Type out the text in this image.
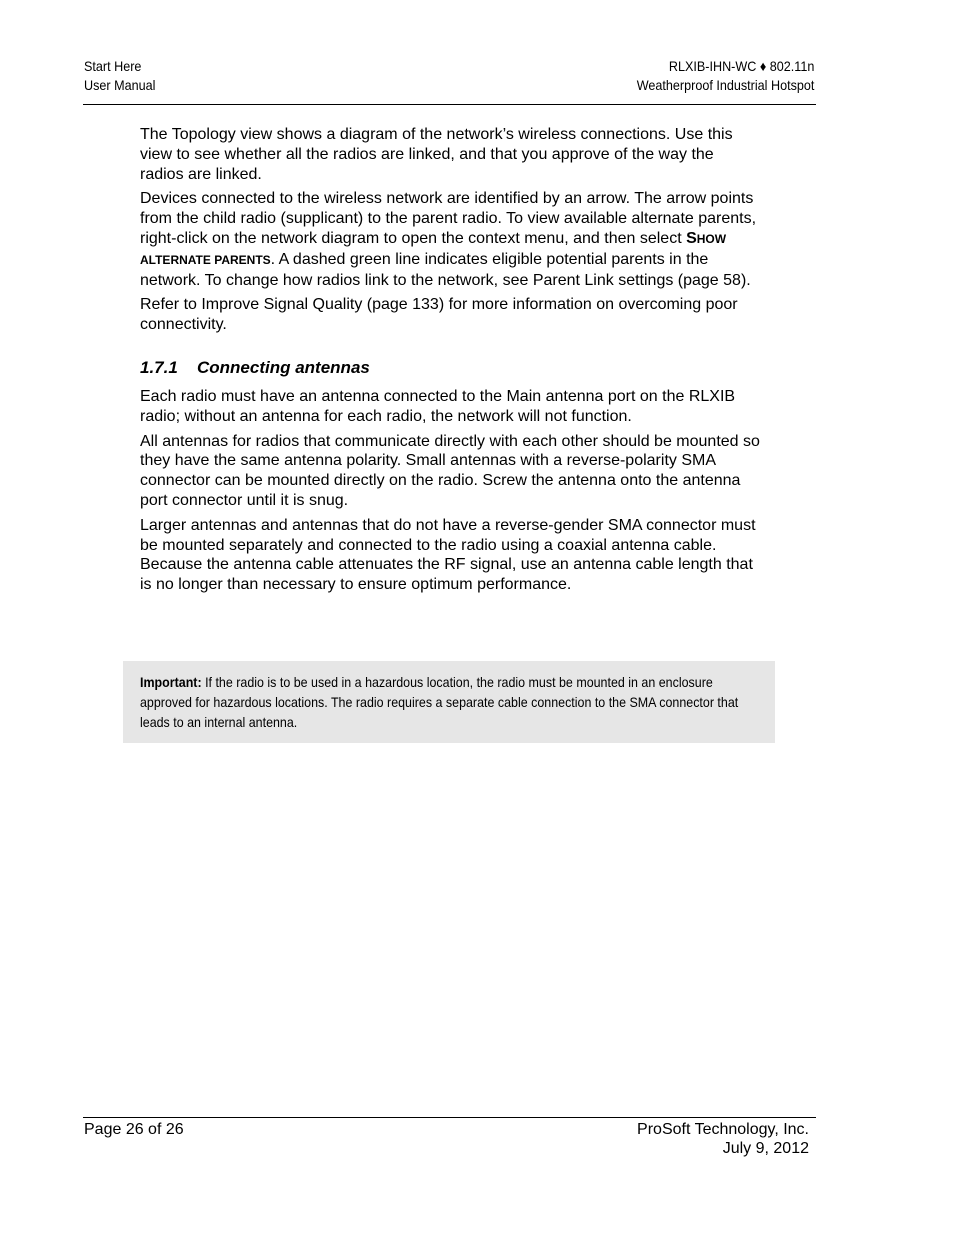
Start Here
User Manual
RLXIB-IHN-WC ♦ 802.11n
Weatherproof Industrial Hotspot

The Topology view shows a diagram of the network’s wireless connections. Use this view to see whether all the radios are linked, and that you approve of the way the radios are linked.

Devices connected to the wireless network are identified by an arrow. The arrow points from the child radio (supplicant) to the parent radio. To view available alternate parents, right-click on the network diagram to open the context menu, and then select SHOW ALTERNATE PARENTS. A dashed green line indicates eligible potential parents in the network. To change how radios link to the network, see Parent Link settings (page 58).

Refer to Improve Signal Quality (page 133) for more information on overcoming poor connectivity.

1.7.1 Connecting antennas

Each radio must have an antenna connected to the Main antenna port on the RLXIB radio; without an antenna for each radio, the network will not function.

All antennas for radios that communicate directly with each other should be mounted so they have the same antenna polarity. Small antennas with a reverse-polarity SMA connector can be mounted directly on the radio. Screw the antenna onto the antenna port connector until it is snug.

Larger antennas and antennas that do not have a reverse-gender SMA connector must be mounted separately and connected to the radio using a coaxial antenna cable. Because the antenna cable attenuates the RF signal, use an antenna cable length that is no longer than necessary to ensure optimum performance.

Important: If the radio is to be used in a hazardous location, the radio must be mounted in an enclosure approved for hazardous locations. The radio requires a separate cable connection to the SMA connector that leads to an internal antenna.
Page 26 of 26	ProSoft Technology, Inc.
July 9, 2012
